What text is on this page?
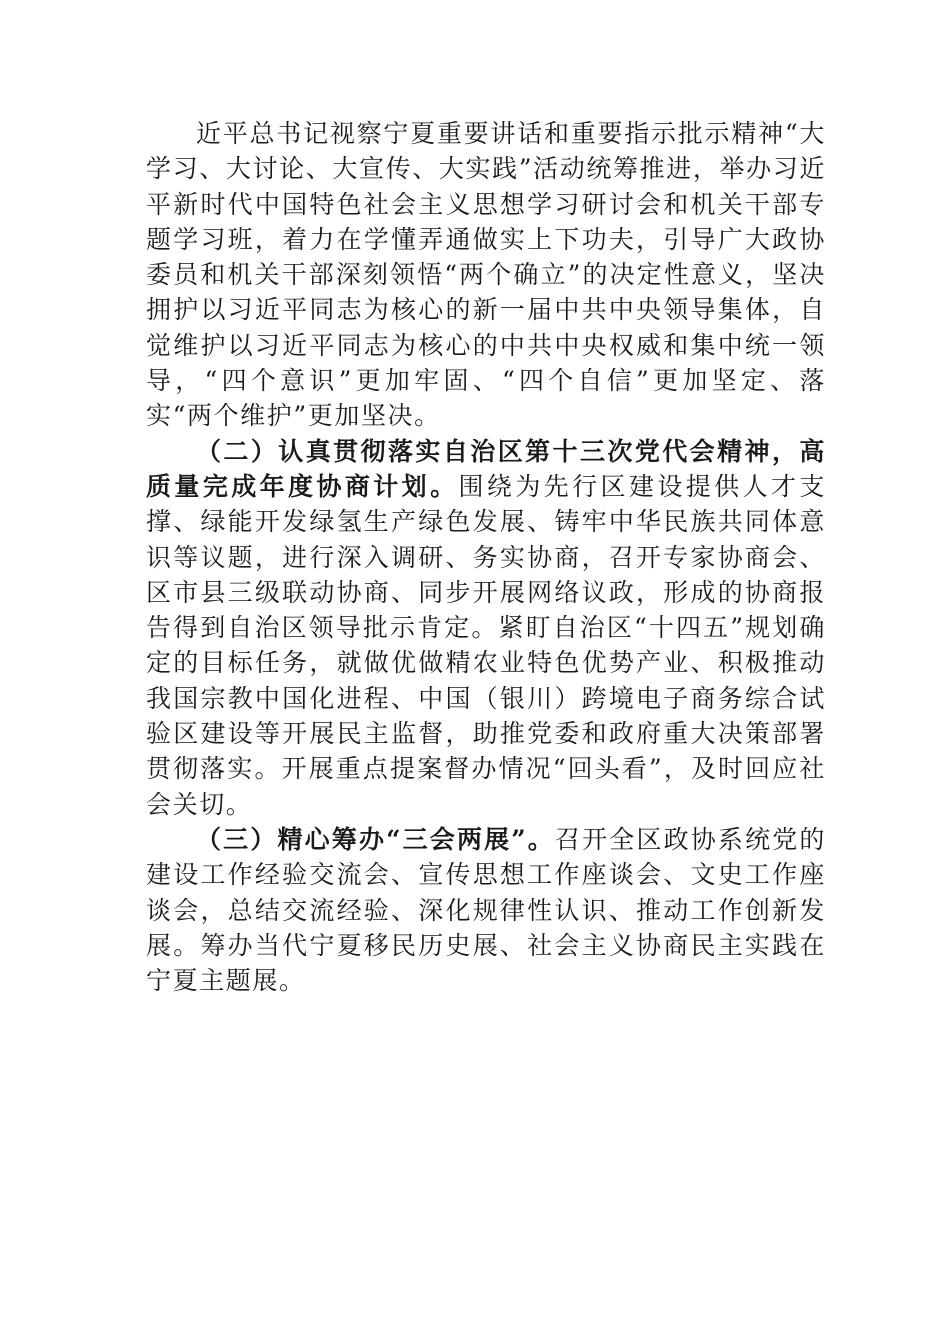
近平总书记视察宁夏重要讲话和重要指示批示精神“大学习、大讨论、大宣传、大实践”活动统筹推进，举办习近平新时代中国特色社会主义思想学习研讨会和机关干部专题学习班，着力在学懂弄通做实上下功夫，引导广大政协委员和机关干部深刻领悟“两个确立”的决定性意义，坚决拥护以习近平同志为核心的新一届中共中央领导集体，自觉维护以习近平同志为核心的中共中央权威和集中统一领导，“四个意识”更加牢固、“四个自信”更加坚定、落实“两个维护”更加坚决。

（二）认真贯彻落实自治区第十三次党代会精神，高质量完成年度协商计划。围绕为先行区建设提供人才支撑、绿能开发绿氢生产绿色发展、铸牢中华民族共同体意识等议题，进行深入调研、务实协商，召开专家协商会、区市县三级联动协商、同步开展网络议政，形成的协商报告得到自治区领导批示肯定。紧盯自治区“十四五”规划确定的目标任务，就做优做精农业特色优势产业、积极推动我国宗教中国化进程、中国（银川）跨境电子商务综合试验区建设等开展民主监督，助推党委和政府重大决策部署贯彻落实。开展重点提案督办情况“回头看”，及时回应社会关切。

（三）精心筹办“三会两展”。召开全区政协系统党的建设工作经验交流会、宣传思想工作座谈会、文史工作座谈会，总结交流经验、深化规律性认识、推动工作创新发展。筹办当代宁夏移民历史展、社会主义协商民主实践在宁夏主题展。
